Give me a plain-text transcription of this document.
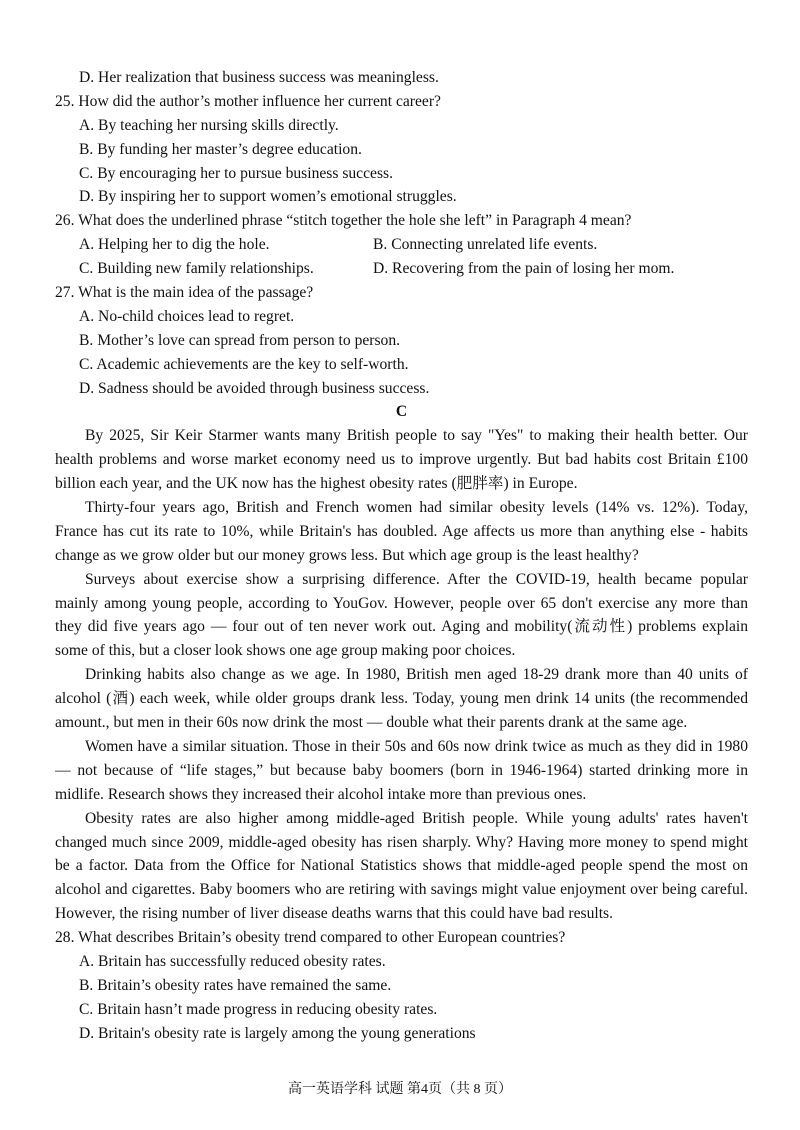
D. Her realization that business success was meaningless.
25. How did the author’s mother influence her current career?
A. By teaching her nursing skills directly.
B. By funding her master’s degree education.
C. By encouraging her to pursue business success.
D. By inspiring her to support women’s emotional struggles.
26. What does the underlined phrase “stitch together the hole she left” in Paragraph 4 mean?
A. Helping her to dig the hole.	B. Connecting unrelated life events.
C. Building new family relationships.	D. Recovering from the pain of losing her mom.
27. What is the main idea of the passage?
A. No-child choices lead to regret.
B. Mother’s love can spread from person to person.
C. Academic achievements are the key to self-worth.
D. Sadness should be avoided through business success.
C
By 2025, Sir Keir Starmer wants many British people to say "Yes" to making their health better. Our
health problems and worse market economy need us to improve urgently. But bad habits cost Britain £100
billion each year, and the UK now has the highest obesity rates (肥胖率) in Europe.
Thirty-four years ago, British and French women had similar obesity levels (14% vs. 12%). Today,
France has cut its rate to 10%, while Britain's has doubled. Age affects us more than anything else - habits
change as we grow older but our money grows less. But which age group is the least healthy?
Surveys about exercise show a surprising difference. After the COVID-19, health became popular
mainly among young people, according to YouGov. However, people over 65 don't exercise any more than
they did five years ago — four out of ten never work out. Aging and mobility(流动性) problems explain
some of this, but a closer look shows one age group making poor choices.
Drinking habits also change as we age. In 1980, British men aged 18-29 drank more than 40 units of
alcohol (酒) each week, while older groups drank less. Today, young men drink 14 units (the recommended
amount., but men in their 60s now drink the most — double what their parents drank at the same age.
Women have a similar situation. Those in their 50s and 60s now drink twice as much as they did in 1980
— not because of “life stages,” but because baby boomers (born in 1946-1964) started drinking more in
midlife. Research shows they increased their alcohol intake more than previous ones.
Obesity rates are also higher among middle-aged British people. While young adults' rates haven't
changed much since 2009, middle-aged obesity has risen sharply. Why? Having more money to spend might
be a factor. Data from the Office for National Statistics shows that middle-aged people spend the most on
alcohol and cigarettes. Baby boomers who are retiring with savings might value enjoyment over being careful.
However, the rising number of liver disease deaths warns that this could have bad results.
28. What describes Britain’s obesity trend compared to other European countries?
A. Britain has successfully reduced obesity rates.
B. Britain’s obesity rates have remained the same.
C. Britain hasn’t made progress in reducing obesity rates.
D. Britain's obesity rate is largely among the young generations
高一英语学科 试题 第4页（共 8 页）
